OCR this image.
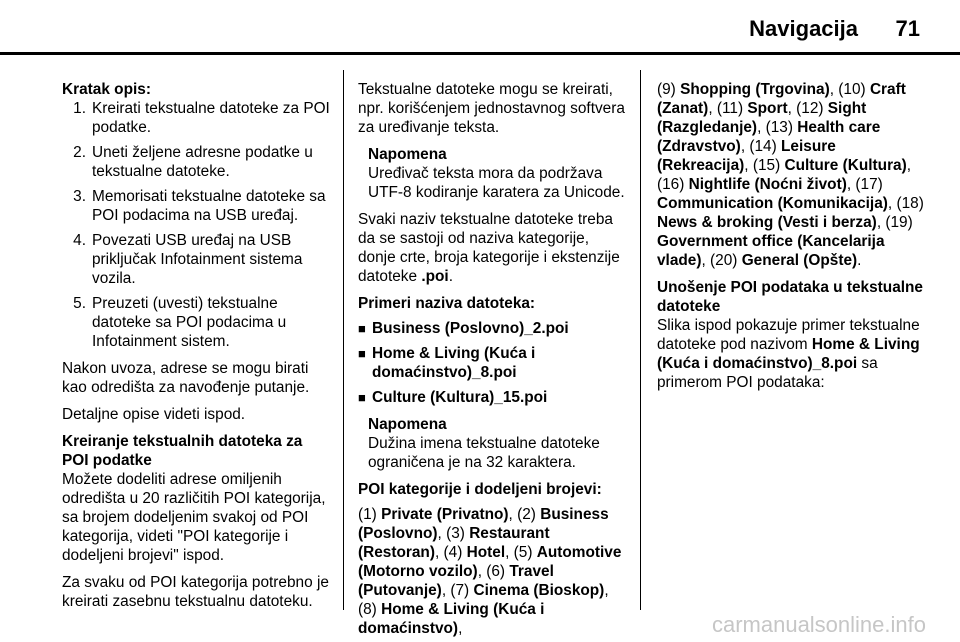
Navigacija 71
Kratak opis:
1. Kreirati tekstualne datoteke za POI podatke.
2. Uneti željene adresne podatke u tekstualne datoteke.
3. Memorisati tekstualne datoteke sa POI podacima na USB uređaj.
4. Povezati USB uređaj na USB priključak Infotainment sistema vozila.
5. Preuzeti (uvesti) tekstualne datoteke sa POI podacima u Infotainment sistem.

Nakon uvoza, adrese se mogu birati kao odredišta za navođenje putanje.

Detaljne opise videti ispod.

Kreiranje tekstualnih datoteka za POI podatke

Možete dodeliti adrese omiljenih odredišta u 20 različitih POI kategorija, sa brojem dodeljenim svakoj od POI kategorija, videti "POI kategorije i dodeljeni brojevi" ispod.

Za svaku od POI kategorija potrebno je kreirati zasebnu tekstualnu datoteku.

Tekstualne datoteke mogu se kreirati, npr. korišćenjem jednostavnog softvera za uređivanje teksta.

Napomena
Uređivač teksta mora da podržava UTF-8 kodiranje karatera za Unicode.

Svaki naziv tekstualne datoteke treba da se sastoji od naziva kategorije, donje crte, broja kategorije i ekstenzije datoteke .poi.

Primeri naziva datoteka:
■ Business (Poslovno)_2.poi
■ Home & Living (Kuća i domaćinstvo)_8.poi
■ Culture (Kultura)_15.poi
Napomena
Dužina imena tekstualne datoteke ograničena je na 32 karaktera.
POI kategorije i dodeljeni brojevi:
(1) Private (Privatno), (2) Business (Poslovno), (3) Restaurant (Restoran), (4) Hotel, (5) Automotive (Motorno vozilo), (6) Travel (Putovanje), (7) Cinema (Bioskop), (8) Home & Living (Kuća i domaćinstvo),
(9) Shopping (Trgovina), (10) Craft (Zanat), (11) Sport, (12) Sight (Razgledanje), (13) Health care (Zdravstvo), (14) Leisure (Rekreacija), (15) Culture (Kultura), (16) Nightlife (Noćni život), (17) Communication (Komunikacija), (18) News & broking (Vesti i berza), (19) Government office (Kancelarija vlade), (20) General (Opšte).
Unošenje POI podataka u tekstualne datoteke

Slika ispod pokazuje primer tekstualne datoteke pod nazivom Home & Living (Kuća i domaćinstvo)_8.poi sa primerom POI podataka:

carmanualsonline.info
